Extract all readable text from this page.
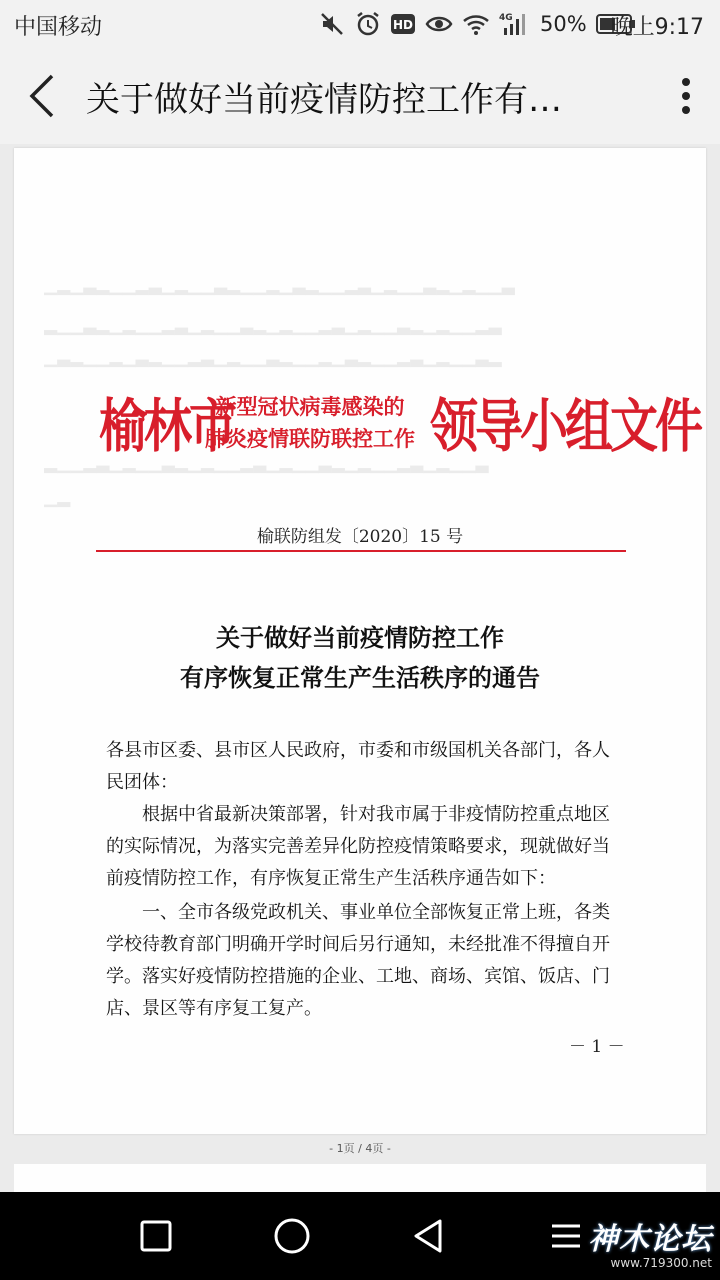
中国移动	HD	4G 50% 晚上9:17
关于做好当前疫情防控工作有…
▁▂▁▃▂▁▁▂▃▁▂▁▁▃▂▁▁▂▁▃▂▁▁▂▃▁▂▁▁▃▂▁▂▁▁▃
▂▁▁▃▂▁▂▁▁▂▃▁▂▁▁▃▂▁▂▁▁▂▃▁▂▁▁▃▂▁▂▁▁▂▃
▁▃▂▁▁▂▁▃▂▁▁▂▃▁▂▁▁▃▂▁▁▂▁▃▂▁▁▂▃▁▂▁▁▃▂
▂▁▁▂▃▁▂▁▁▃▂▁▂▁▁▂▃▁▂▁▁▃▂▁▂▁▁▂▃▁▂▁▁▃
▁▂
榆林市
新型冠状病毒感染的
肺炎疫情联防联控工作 领导小组文件
榆联防组发〔2020〕15 号
关于做好当前疫情防控工作
有序恢复正常生产生活秩序的通告
各县市区委、县市区人民政府，市委和市级国机关各部门，各人
民团体：
根据中省最新决策部署，针对我市属于非疫情防控重点地区
的实际情况，为落实完善差异化防控疫情策略要求，现就做好当
前疫情防控工作，有序恢复正常生产生活秩序通告如下：
一、全市各级党政机关、事业单位全部恢复正常上班，各类
学校待教育部门明确开学时间后另行通知，未经批准不得擅自开
学。落实好疫情防控措施的企业、工地、商场、宾馆、饭店、门
店、景区等有序复工复产。
－ 1 －
- 1页 / 4页 -
神木论坛
www.719300.net
